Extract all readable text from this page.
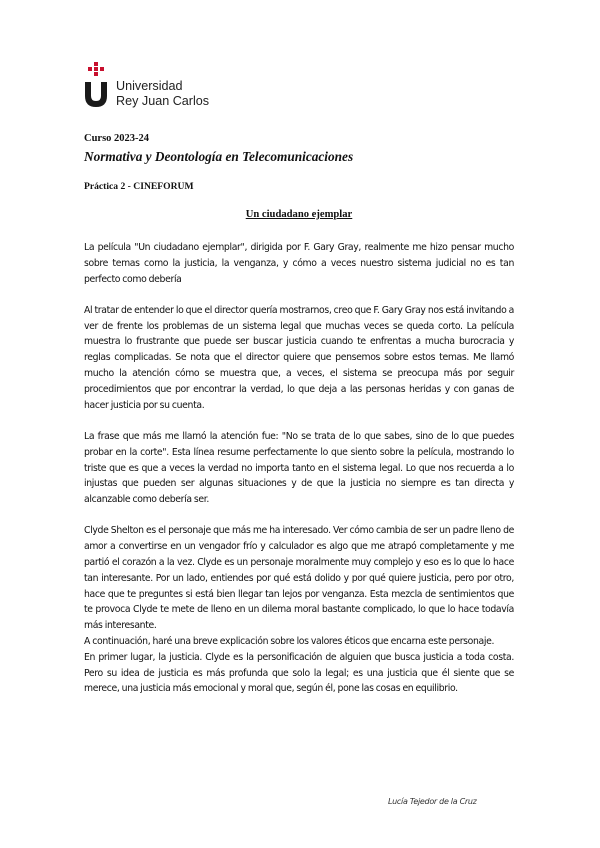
Universidad
Rey Juan Carlos
Curso 2023-24
Normativa y Deontología en Telecomunicaciones
Práctica 2 - CINEFORUM
Un ciudadano ejemplar

La película "Un ciudadano ejemplar", dirigida por F. Gary Gray, realmente me hizo pensar mucho sobre temas como la justicia, la venganza, y cómo a veces nuestro sistema judicial no es tan perfecto como debería

Al tratar de entender lo que el director quería mostrarnos, creo que F. Gary Gray nos está invitando a ver de frente los problemas de un sistema legal que muchas veces se queda corto. La película muestra lo frustrante que puede ser buscar justicia cuando te enfrentas a mucha burocracia y reglas complicadas. Se nota que el director quiere que pensemos sobre estos temas. Me llamó mucho la atención cómo se muestra que, a veces, el sistema se preocupa más por seguir procedimientos que por encontrar la verdad, lo que deja a las personas heridas y con ganas de hacer justicia por su cuenta.

La frase que más me llamó la atención fue: "No se trata de lo que sabes, sino de lo que puedes probar en la corte". Esta línea resume perfectamente lo que siento sobre la película, mostrando lo triste que es que a veces la verdad no importa tanto en el sistema legal. Lo que nos recuerda a lo injustas que pueden ser algunas situaciones y de que la justicia no siempre es tan directa y alcanzable como debería ser.

Clyde Shelton es el personaje que más me ha interesado. Ver cómo cambia de ser un padre lleno de amor a convertirse en un vengador frío y calculador es algo que me atrapó completamente y me partió el corazón a la vez. Clyde es un personaje moralmente muy complejo y eso es lo que lo hace tan interesante. Por un lado, entiendes por qué está dolido y por qué quiere justicia, pero por otro, hace que te preguntes si está bien llegar tan lejos por venganza. Esta mezcla de sentimientos que te provoca Clyde te mete de lleno en un dilema moral bastante complicado, lo que lo hace todavía más interesante.

A continuación, haré una breve explicación sobre los valores éticos que encarna este personaje.

En primer lugar, la justicia. Clyde es la personificación de alguien que busca justicia a toda costa. Pero su idea de justicia es más profunda que solo la legal; es una justicia que él siente que se merece, una justicia más emocional y moral que, según él, pone las cosas en equilibrio.

Lucía Tejedor de la Cruz
